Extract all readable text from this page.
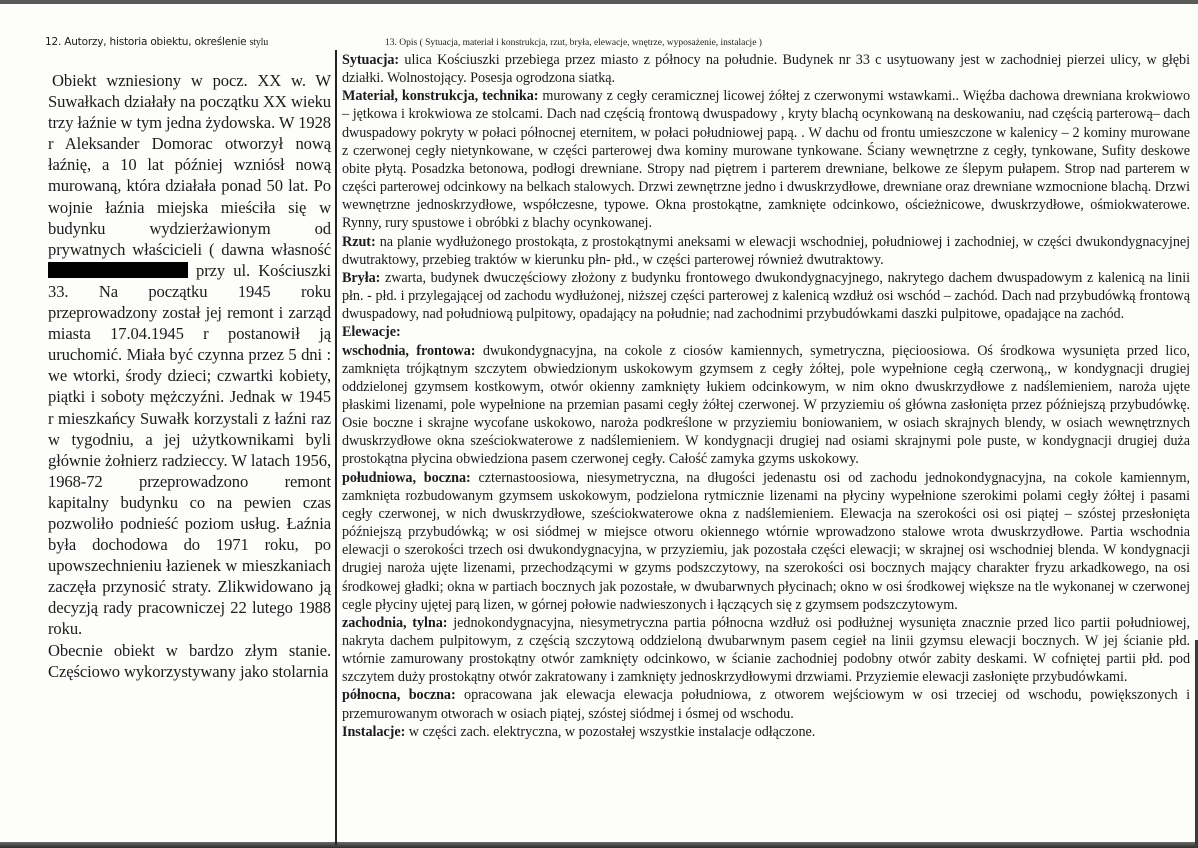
12. Autorzy, historia obiektu, określenie stylu	13. Opis ( Sytuacja, materiał i konstrukcja, rzut, bryła, elewacje, wnętrze, wyposażenie, instalacje )

Obiekt wzniesiony w pocz. XX w. W Suwałkach działały na początku XX wieku trzy łaźnie w tym jedna żydowska. W 1928 r Aleksander Domorac otworzył nową łaźnię, a 10 lat później wzniósł nową murowaną, która działała ponad 50 lat. Po wojnie łaźnia miejska mieściła się w budynku wydzierżawionym od prywatnych właścicieli ( dawna własność przy ul. Kościuszki 33. Na początku 1945 roku przeprowadzony został jej remont i zarząd miasta 17.04.1945 r postanowił ją uruchomić. Miała być czynna przez 5 dni : we wtorki, środy dzieci; czwartki kobiety, piątki i soboty mężczyźni. Jednak w 1945 r mieszkańcy Suwałk korzystali z łaźni raz w tygodniu, a jej użytkownikami byli głównie żołnierz radzieccy. W latach 1956, 1968-72 przeprowadzono remont kapitalny budynku co na pewien czas pozwoliło podnieść poziom usług. Łaźnia była dochodowa do 1971 roku, po upowszechnieniu łazienek w mieszkaniach zaczęła przynosić straty. Zlikwidowano ją decyzją rady pracowniczej 22 lutego 1988 roku.

Obecnie obiekt w bardzo złym stanie. Częściowo wykorzystywany jako stolarnia

Sytuacja: ulica Kościuszki przebiega przez miasto z północy na południe. Budynek nr 33 c usytuowany jest w zachodniej pierzei ulicy, w głębi działki. Wolnostojący. Posesja ogrodzona siatką.

Materiał, konstrukcja, technika: murowany z cegły ceramicznej licowej żółtej z czerwonymi wstawkami.. Więźba dachowa drewniana krokwiowo – jętkowa i krokwiowa ze stolcami. Dach nad częścią frontową dwuspadowy , kryty blachą ocynkowaną na deskowaniu, nad częścią parterową– dach dwuspadowy pokryty w połaci północnej eternitem, w połaci południowej papą. . W dachu od frontu umieszczone w kalenicy – 2 kominy murowane z czerwonej cegły nietynkowane, w części parterowej dwa kominy murowane tynkowane. Ściany wewnętrzne z cegły, tynkowane, Sufity deskowe obite płytą. Posadzka betonowa, podłogi drewniane. Stropy nad piętrem i parterem drewniane, belkowe ze ślepym pułapem. Strop nad parterem w części parterowej odcinkowy na belkach stalowych. Drzwi zewnętrzne jedno i dwuskrzydłowe, drewniane oraz drewniane wzmocnione blachą. Drzwi wewnętrzne jednoskrzydłowe, współczesne, typowe. Okna prostokątne, zamknięte odcinkowo, ościeżnicowe, dwuskrzydłowe, ośmiokwaterowe. Rynny, rury spustowe i obróbki z blachy ocynkowanej.

Rzut: na planie wydłużonego prostokąta, z prostokątnymi aneksami w elewacji wschodniej, południowej i zachodniej, w części dwukondygnacyjnej dwutraktowy, przebieg traktów w kierunku płn- płd., w części parterowej również dwutraktowy.

Bryła: zwarta, budynek dwuczęściowy złożony z budynku frontowego dwukondygnacyjnego, nakrytego dachem dwuspadowym z kalenicą na linii płn. - płd. i przylegającej od zachodu wydłużonej, niższej części parterowej z kalenicą wzdłuż osi wschód – zachód. Dach nad przybudówką frontową dwuspadowy, nad południową pulpitowy, opadający na południe; nad zachodnimi przybudówkami daszki pulpitowe, opadające na zachód.

Elewacje:

wschodnia, frontowa: dwukondygnacyjna, na cokole z ciosów kamiennych, symetryczna, pięcioosiowa. Oś środkowa wysunięta przed lico, zamknięta trójkątnym szczytem obwiedzionym uskokowym gzymsem z cegły żółtej, pole wypełnione cegłą czerwoną,, w kondygnacji drugiej oddzielonej gzymsem kostkowym, otwór okienny zamknięty łukiem odcinkowym, w nim okno dwuskrzydłowe z nadślemieniem, naroża ujęte płaskimi lizenami, pole wypełnione na przemian pasami cegły żółtej czerwonej. W przyziemiu oś główna zasłonięta przez późniejszą przybudówkę. Osie boczne i skrajne wycofane uskokowo, naroża podkreślone w przyziemiu boniowaniem, w osiach skrajnych blendy, w osiach wewnętrznych dwuskrzydłowe okna sześciokwaterowe z nadślemieniem. W kondygnacji drugiej nad osiami skrajnymi pole puste, w kondygnacji drugiej duża prostokątna płycina obwiedziona pasem czerwonej cegły. Całość zamyka gzyms uskokowy.

południowa, boczna: czternastoosiowa, niesymetryczna, na długości jedenastu osi od zachodu jednokondygnacyjna, na cokole kamiennym, zamknięta rozbudowanym gzymsem uskokowym, podzielona rytmicznie lizenami na płyciny wypełnione szerokimi polami cegły żółtej i pasami cegły czerwonej, w nich dwuskrzydłowe, sześciokwaterowe okna z nadślemieniem. Elewacja na szerokości osi osi piątej – szóstej przesłonięta późniejszą przybudówką; w osi siódmej w miejsce otworu okiennego wtórnie wprowadzono stalowe wrota dwuskrzydłowe. Partia wschodnia elewacji o szerokości trzech osi dwukondygnacyjna, w przyziemiu, jak pozostała części elewacji; w skrajnej osi wschodniej blenda. W kondygnacji drugiej naroża ujęte lizenami, przechodzącymi w gzyms podszczytowy, na szerokości osi bocznych mający charakter fryzu arkadkowego, na osi środkowej gładki; okna w partiach bocznych jak pozostałe, w dwubarwnych płycinach; okno w osi środkowej większe na tle wykonanej w czerwonej cegle płyciny ujętej parą lizen, w górnej połowie nadwieszonych i łączących się z gzymsem podszczytowym.

zachodnia, tylna: jednokondygnacyjna, niesymetryczna partia północna wzdłuż osi podłużnej wysunięta znacznie przed lico partii południowej, nakryta dachem pulpitowym, z częścią szczytową oddzieloną dwubarwnym pasem cegieł na linii gzymsu elewacji bocznych. W jej ścianie płd. wtórnie zamurowany prostokątny otwór zamknięty odcinkowo, w ścianie zachodniej podobny otwór zabity deskami. W cofniętej partii płd. pod szczytem duży prostokątny otwór zakratowany i zamknięty jednoskrzydłowymi drzwiami. Przyziemie elewacji zasłonięte przybudówkami.

północna, boczna: opracowana jak elewacja elewacja południowa, z otworem wejściowym w osi trzeciej od wschodu, powiększonych i przemurowanym otworach w osiach piątej, szóstej siódmej i ósmej od wschodu.

Instalacje: w części zach. elektryczna, w pozostałej wszystkie instalacje odłączone.
